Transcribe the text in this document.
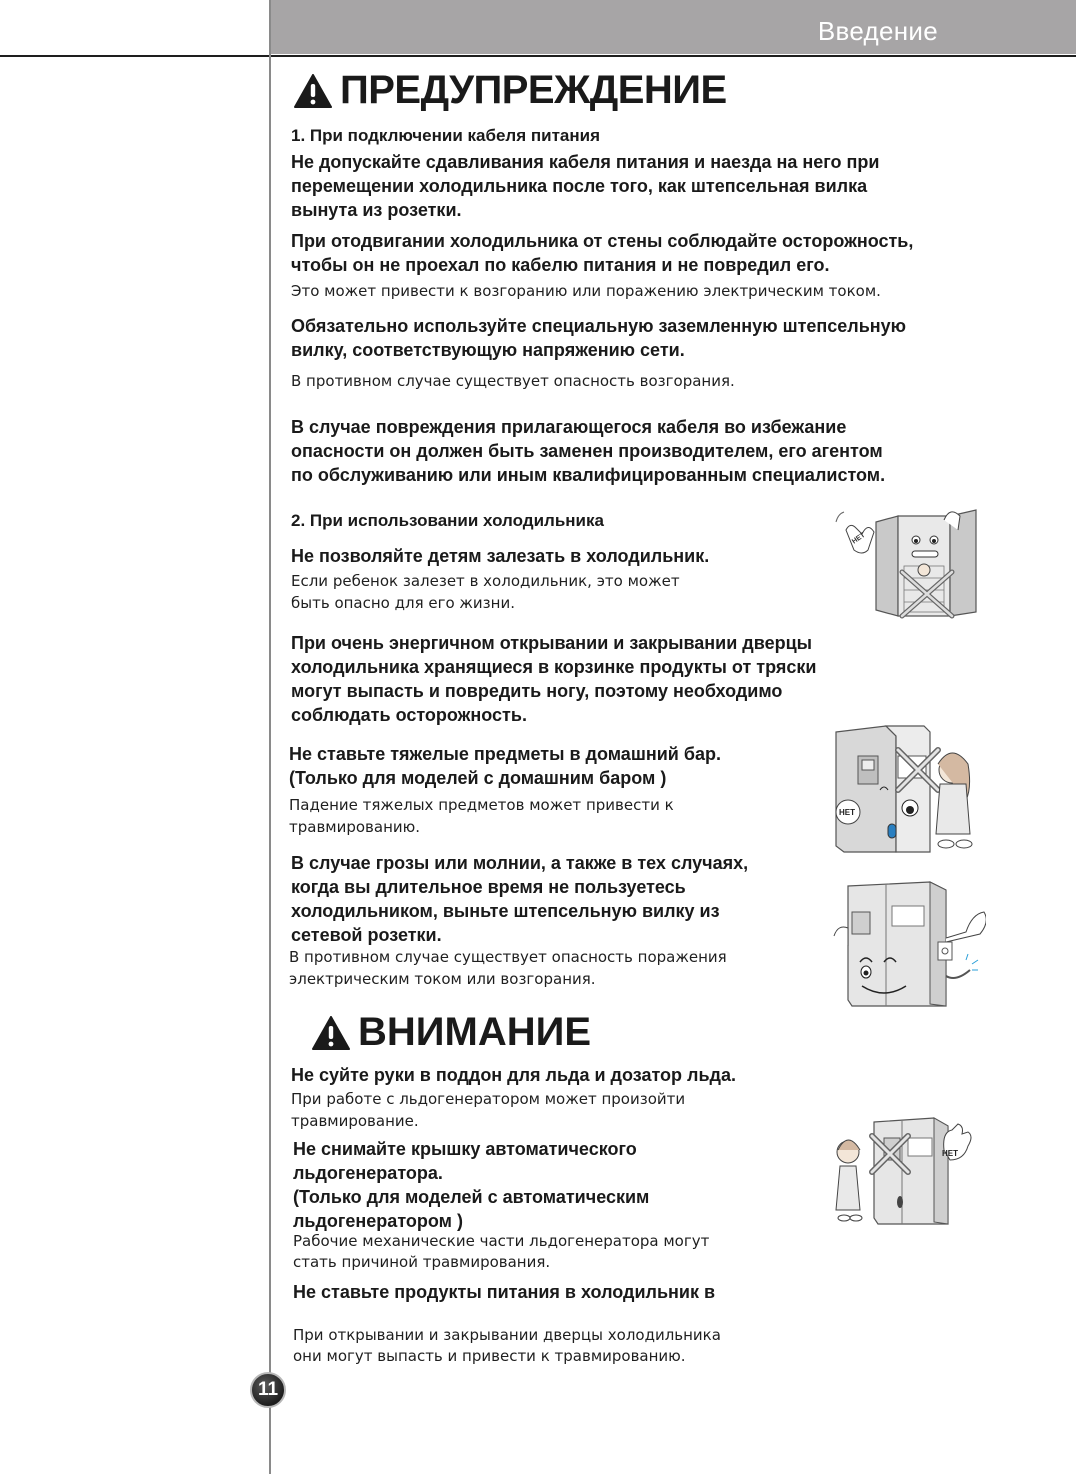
Введение
ПРЕДУПРЕЖДЕНИЕ
1. При подключении кабеля питания
Не допускайте сдавливания кабеля питания и наезда на него при
перемещении холодильника после того, как штепсельная вилка
вынута из розетки.
При отодвигании холодильника от стены соблюдайте осторожность,
чтобы он не проехал по кабелю питания и не повредил его.
Это может привести к возгоранию или поражению электрическим током.
Обязательно используйте специальную заземленную штепсельную
вилку, соответствующую напряжению сети.
В противном случае существует опасность возгорания.
В случае повреждения прилагающегося кабеля во избежание
опасности он должен быть заменен производителем, его агентом
по обслуживанию или иным квалифицированным специалистом.
2. При использовании холодильника
Не позволяйте детям залезать в холодильник.
Если ребенок залезет в холодильник, это может
быть опасно для его жизни.
При очень энергичном открывании и закрывании дверцы
холодильника хранящиеся в корзинке продукты от тряски
могут выпасть и повредить ногу, поэтому необходимо
соблюдать осторожность.
Не ставьте тяжелые предметы в домашний бар.
(Только для моделей с домашним баром )
Падение тяжелых предметов может привести к
травмированию.
В случае грозы или молнии, а также в тех случаях,
когда вы длительное время не пользуетесь
холодильником, выньте штепсельную вилку из
сетевой розетки.
В противном случае существует опасность поражения
электрическим током или возгорания.
ВНИМАНИЕ
Не суйте руки в поддон для льда и дозатор льда.
При работе с льдогенератором может произойти
травмирование.
Не снимайте крышку автоматического
льдогенератора.
(Только для моделей с автоматическим
льдогенератором )
Рабочие механические части льдогенератора могут
стать причиной травмирования.
Не ставьте продукты питания в холодильник в
При открывании и закрывании дверцы холодильника
они могут выпасть и привести к травмированию.
НЕТ
НЕТ
НЕТ
11
